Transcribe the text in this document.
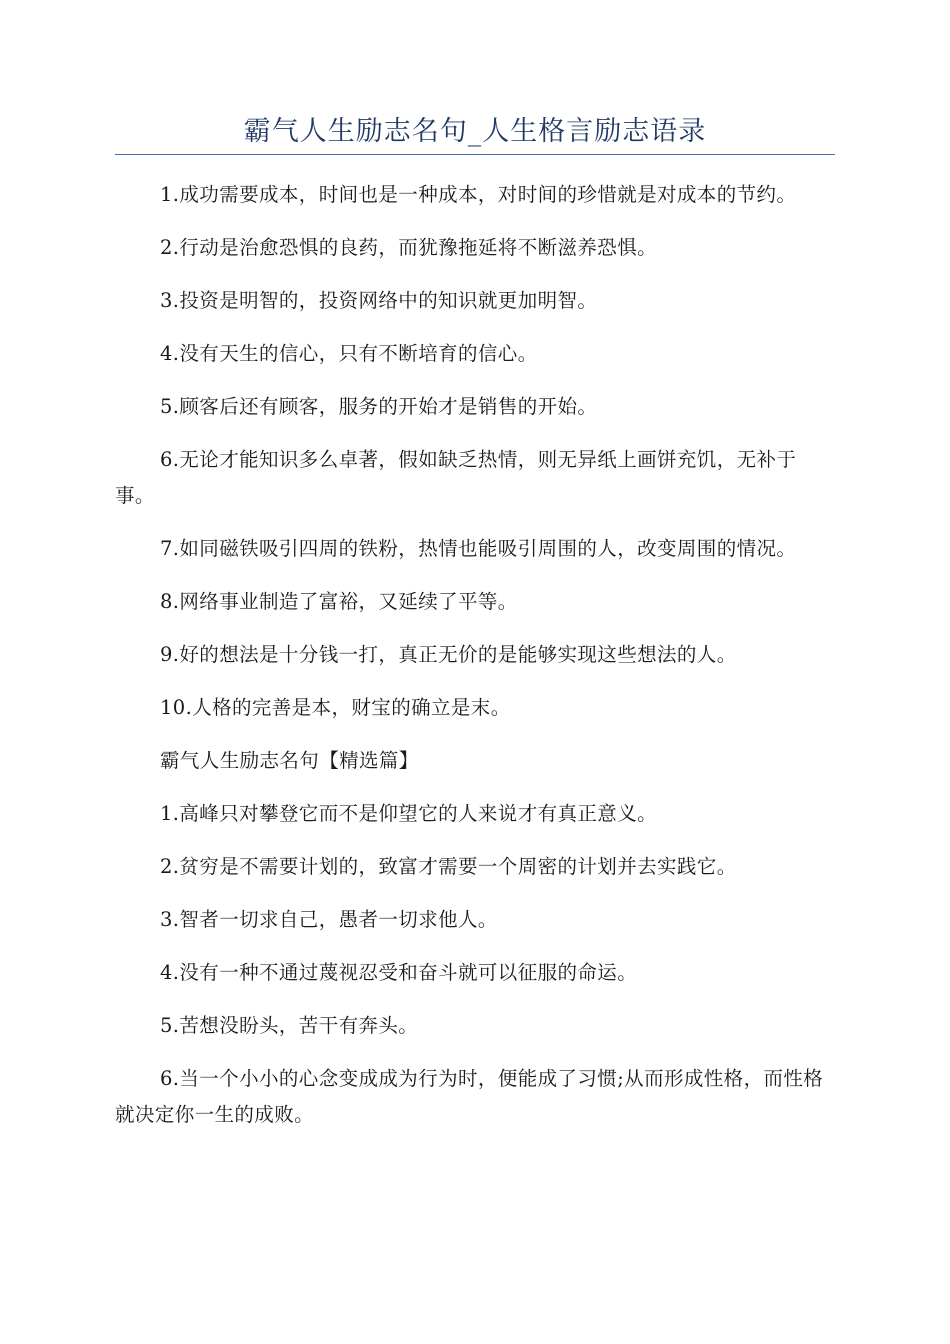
霸气人生励志名句_人生格言励志语录

1.成功需要成本，时间也是一种成本，对时间的珍惜就是对成本的节约。

2.行动是治愈恐惧的良药，而犹豫拖延将不断滋养恐惧。

3.投资是明智的，投资网络中的知识就更加明智。

4.没有天生的信心，只有不断培育的信心。

5.顾客后还有顾客，服务的开始才是销售的开始。

6.无论才能知识多么卓著，假如缺乏热情，则无异纸上画饼充饥，无补于事。

7.如同磁铁吸引四周的铁粉，热情也能吸引周围的人，改变周围的情况。

8.网络事业制造了富裕，又延续了平等。

9.好的想法是十分钱一打，真正无价的是能够实现这些想法的人。

10.人格的完善是本，财宝的确立是末。

霸气人生励志名句【精选篇】

1.高峰只对攀登它而不是仰望它的人来说才有真正意义。

2.贫穷是不需要计划的，致富才需要一个周密的计划并去实践它。

3.智者一切求自己，愚者一切求他人。

4.没有一种不通过蔑视忍受和奋斗就可以征服的命运。

5.苦想没盼头，苦干有奔头。

6.当一个小小的心念变成成为行为时，便能成了习惯;从而形成性格，而性格就决定你一生的成败。
